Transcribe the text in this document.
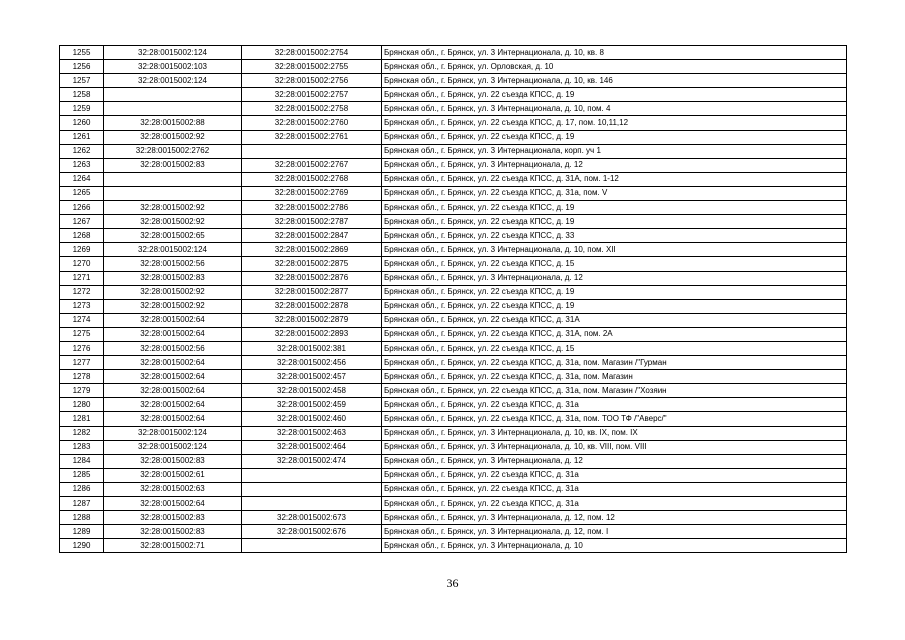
1255	32:28:0015002:124	32:28:0015002:2754	Брянская обл., г. Брянск, ул. 3 Интернационала, д. 10, кв. 8
1256	32:28:0015002:103	32:28:0015002:2755	Брянская обл., г. Брянск, ул. Орловская, д. 10
1257	32:28:0015002:124	32:28:0015002:2756	Брянская обл., г. Брянск, ул. 3 Интернационала, д. 10, кв. 146
1258		32:28:0015002:2757	Брянская обл., г. Брянск, ул. 22 съезда КПСС, д. 19
1259		32:28:0015002:2758	Брянская обл., г. Брянск, ул. 3 Интернационала, д. 10, пом. 4
1260	32:28:0015002:88	32:28:0015002:2760	Брянская обл., г. Брянск, ул. 22 съезда КПСС, д. 17, пом. 10,11,12
1261	32:28:0015002:92	32:28:0015002:2761	Брянская обл., г. Брянск, ул. 22 съезда КПСС, д. 19
1262	32:28:0015002:2762		Брянская обл., г. Брянск, ул. 3 Интернационала, корп. уч 1
1263	32:28:0015002:83	32:28:0015002:2767	Брянская обл., г. Брянск, ул. 3 Интернационала, д. 12
1264		32:28:0015002:2768	Брянская обл., г. Брянск, ул. 22 съезда КПСС, д. 31А, пом. 1-12
1265		32:28:0015002:2769	Брянская обл., г. Брянск, ул. 22 съезда КПСС, д. 31а, пом. V
1266	32:28:0015002:92	32:28:0015002:2786	Брянская обл., г. Брянск, ул. 22 съезда КПСС, д. 19
1267	32:28:0015002:92	32:28:0015002:2787	Брянская обл., г. Брянск, ул. 22 съезда КПСС, д. 19
1268	32:28:0015002:65	32:28:0015002:2847	Брянская обл., г. Брянск, ул. 22 съезда КПСС, д. 33
1269	32:28:0015002:124	32:28:0015002:2869	Брянская обл., г. Брянск, ул. 3 Интернационала, д. 10, пом. XII
1270	32:28:0015002:56	32:28:0015002:2875	Брянская обл., г. Брянск, ул. 22 съезда КПСС, д. 15
1271	32:28:0015002:83	32:28:0015002:2876	Брянская обл., г. Брянск, ул. 3 Интернационала, д. 12
1272	32:28:0015002:92	32:28:0015002:2877	Брянская обл., г. Брянск, ул. 22 съезда КПСС, д. 19
1273	32:28:0015002:92	32:28:0015002:2878	Брянская обл., г. Брянск, ул. 22 съезда КПСС, д. 19
1274	32:28:0015002:64	32:28:0015002:2879	Брянская обл., г. Брянск, ул. 22 съезда КПСС, д. 31А
1275	32:28:0015002:64	32:28:0015002:2893	Брянская обл., г. Брянск, ул. 22 съезда КПСС, д. 31А, пом. 2А
1276	32:28:0015002:56	32:28:0015002:381	Брянская обл., г. Брянск, ул. 22 съезда КПСС, д. 15
1277	32:28:0015002:64	32:28:0015002:456	Брянская обл., г. Брянск, ул. 22 съезда КПСС, д. 31а, пом. Магазин /"Гурман
1278	32:28:0015002:64	32:28:0015002:457	Брянская обл., г. Брянск, ул. 22 съезда КПСС, д. 31а, пом. Магазин
1279	32:28:0015002:64	32:28:0015002:458	Брянская обл., г. Брянск, ул. 22 съезда КПСС, д. 31а, пом. Магазин /"Хозяин
1280	32:28:0015002:64	32:28:0015002:459	Брянская обл., г. Брянск, ул. 22 съезда КПСС, д. 31а
1281	32:28:0015002:64	32:28:0015002:460	Брянская обл., г. Брянск, ул. 22 съезда КПСС, д. 31а, пом. ТОО ТФ /"Аверс/"
1282	32:28:0015002:124	32:28:0015002:463	Брянская обл., г. Брянск, ул. 3 Интернационала, д. 10, кв. IX, пом. IX
1283	32:28:0015002:124	32:28:0015002:464	Брянская обл., г. Брянск, ул. 3 Интернационала, д. 10, кв. VIII, пом. VIII
1284	32:28:0015002:83	32:28:0015002:474	Брянская обл., г. Брянск, ул. 3 Интернационала, д. 12
1285	32:28:0015002:61		Брянская обл., г. Брянск, ул. 22 съезда КПСС, д. 31а
1286	32:28:0015002:63		Брянская обл., г. Брянск, ул. 22 съезда КПСС, д. 31а
1287	32:28:0015002:64		Брянская обл., г. Брянск, ул. 22 съезда КПСС, д. 31а
1288	32:28:0015002:83	32:28:0015002:673	Брянская обл., г. Брянск, ул. 3 Интернационала, д. 12, пом. 12
1289	32:28:0015002:83	32:28:0015002:676	Брянская обл., г. Брянск, ул. 3 Интернационала, д. 12, пом. I
1290	32:28:0015002:71		Брянская обл., г. Брянск, ул. 3 Интернационала, д. 10
36
